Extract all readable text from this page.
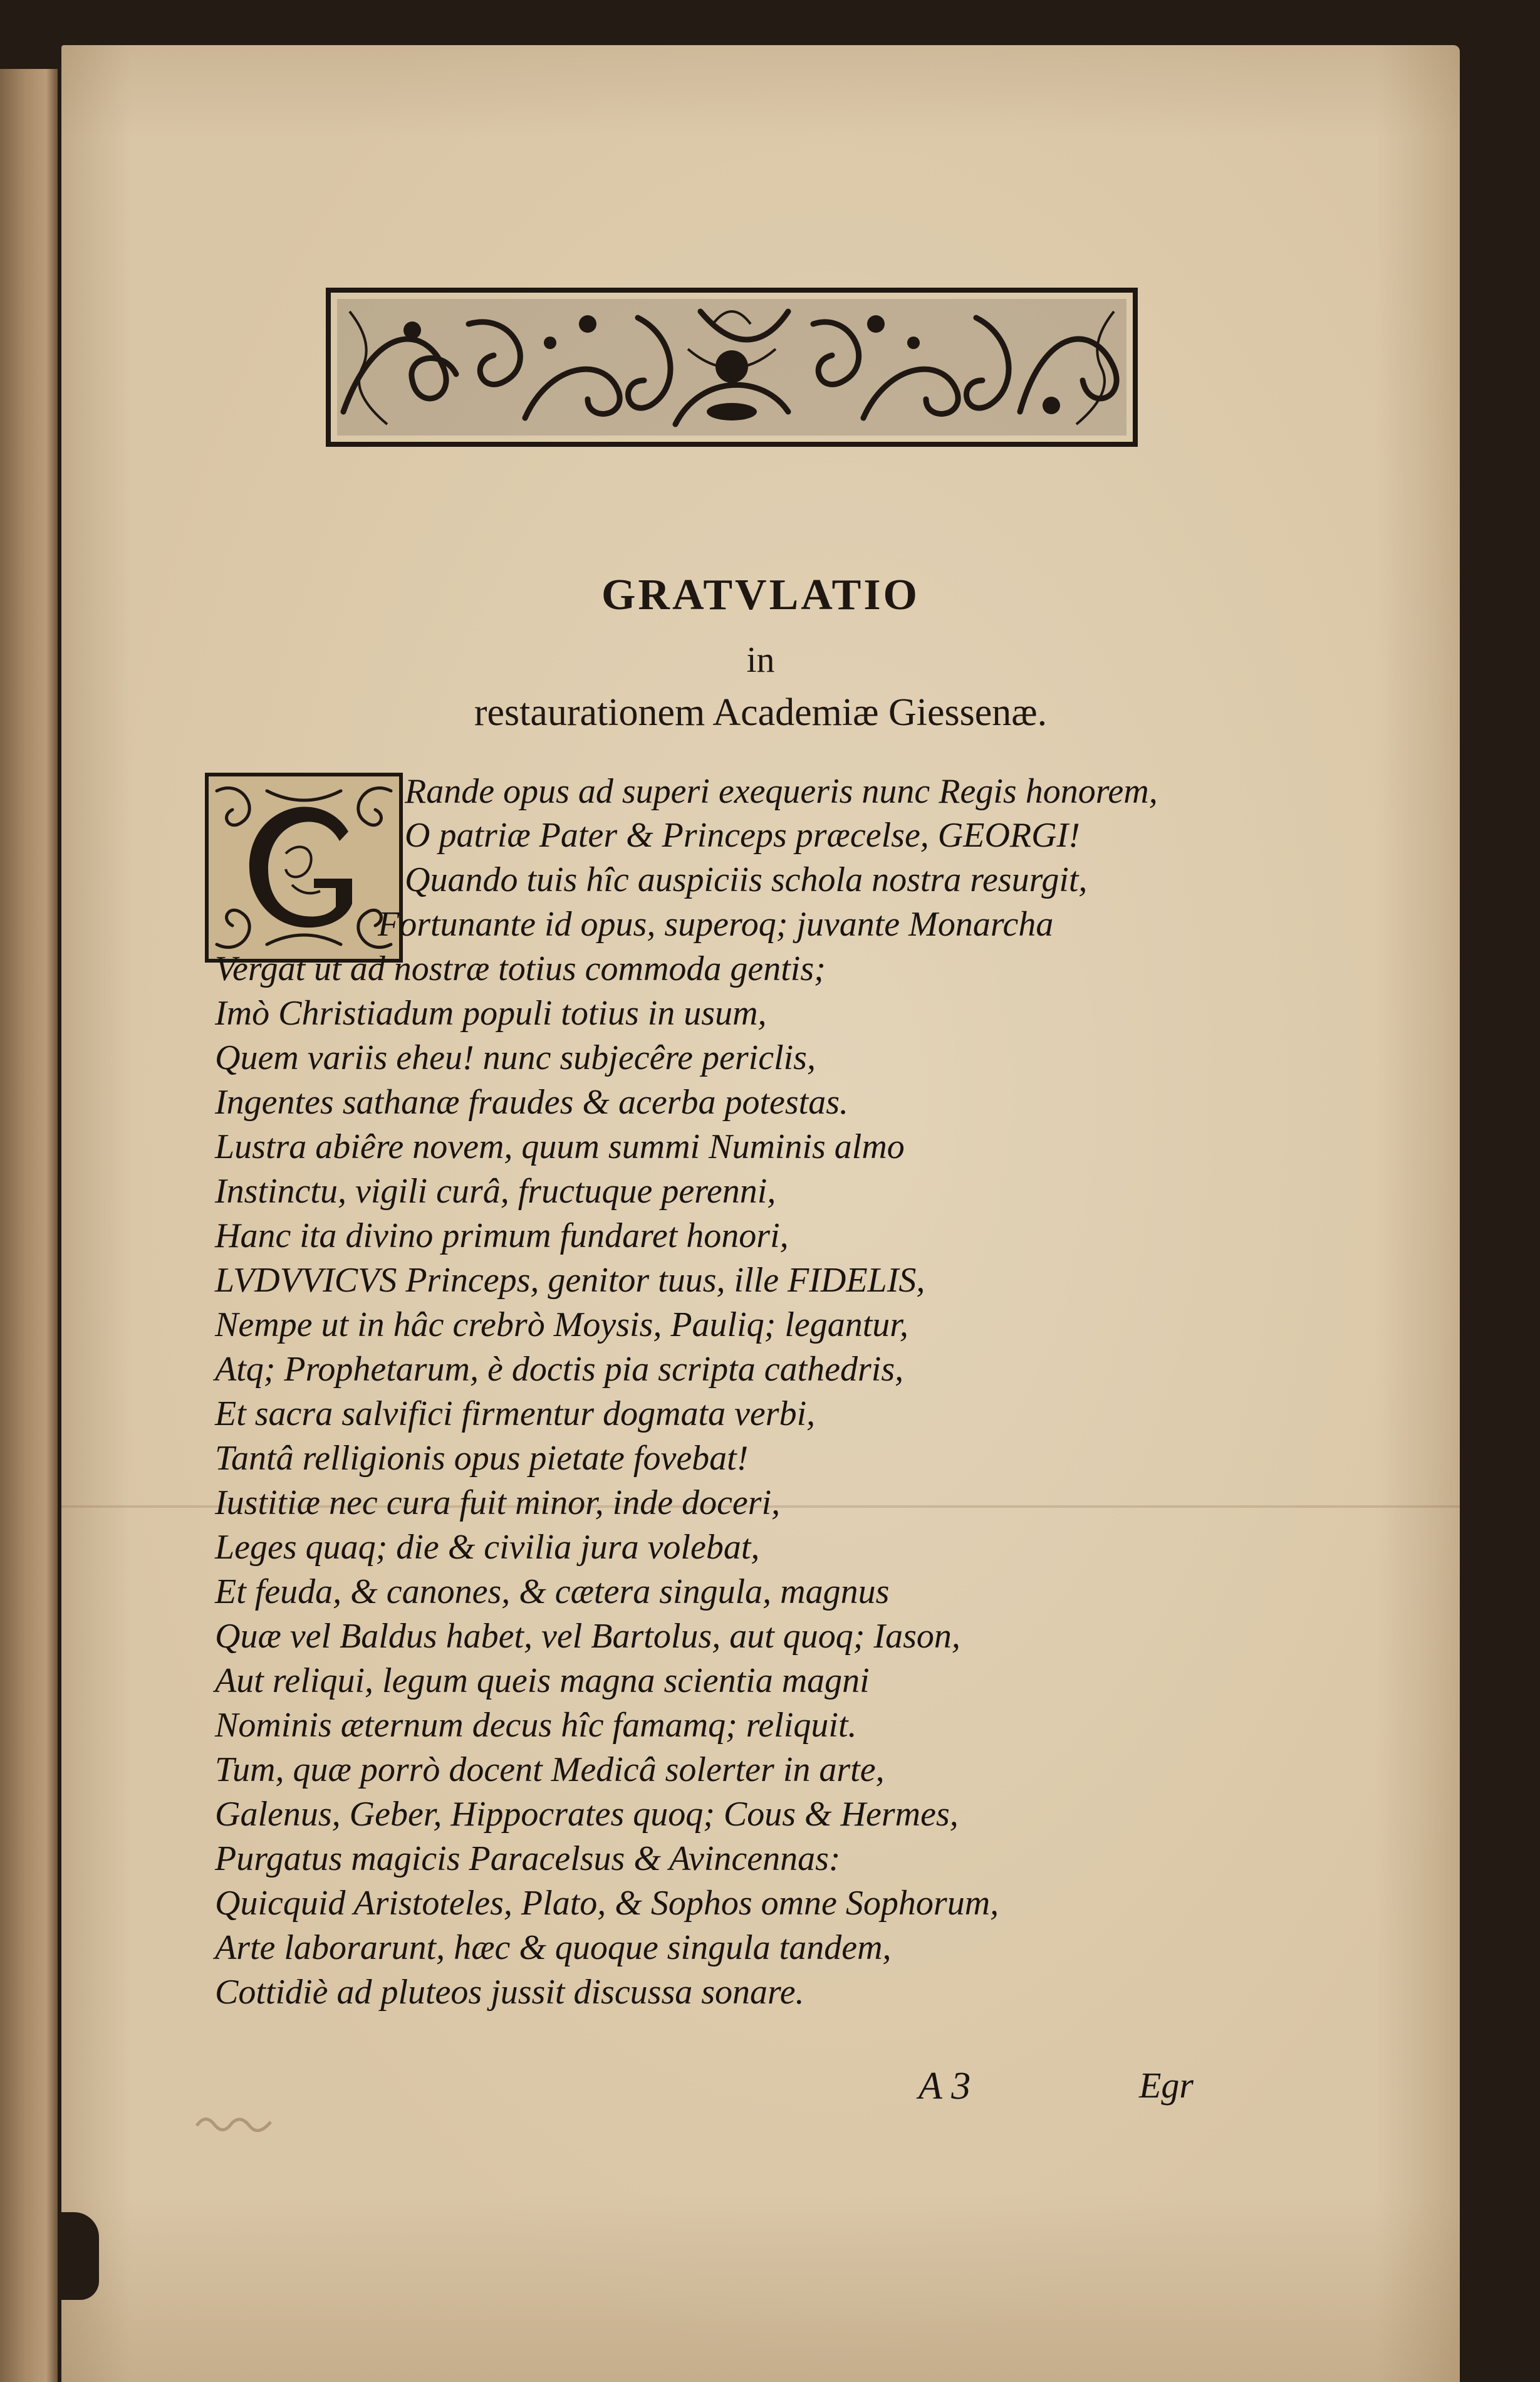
GRATVLATIO
in
restaurationem Academiæ Giessenæ.

Rande opus ad superi exequeris nunc Regis honorem,

O patriæ Pater & Princeps præcelse, GEORGI!

Quando tuis hîc auspiciis schola nostra resurgit,

Fortunante id opus, superoq; juvante Monarcha

Vergat ut ad nostræ totius commoda gentis;

Imò Christiadum populi totius in usum,

Quem variis eheu! nunc subjecêre periclis,

Ingentes sathanæ fraudes & acerba potestas.

Lustra abiêre novem, quum summi Numinis almo

Instinctu, vigili curâ, fructuque perenni,

Hanc ita divino primum fundaret honori,

LVDVVICVS Princeps, genitor tuus, ille FIDELIS,

Nempe ut in hâc crebrò Moysis, Pauliq; legantur,

Atq; Prophetarum, è doctis pia scripta cathedris,

Et sacra salvifici firmentur dogmata verbi,

Tantâ relligionis opus pietate fovebat!

Iustitiæ nec cura fuit minor, inde doceri,

Leges quaq; die & civilia jura volebat,

Et feuda, & canones, & cætera singula, magnus

Quæ vel Baldus habet, vel Bartolus, aut quoq; Iason,

Aut reliqui, legum queis magna scientia magni

Nominis æternum decus hîc famamq; reliquit.

Tum, quæ porrò docent Medicâ solerter in arte,

Galenus, Geber, Hippocrates quoq; Cous & Hermes,

Purgatus magicis Paracelsus & Avincennas:

Quicquid Aristoteles, Plato, & Sophos omne Sophorum,

Arte laborarunt, hæc & quoque singula tandem,

Cottidiè ad pluteos jussit discussa sonare.

A 3	Egr
